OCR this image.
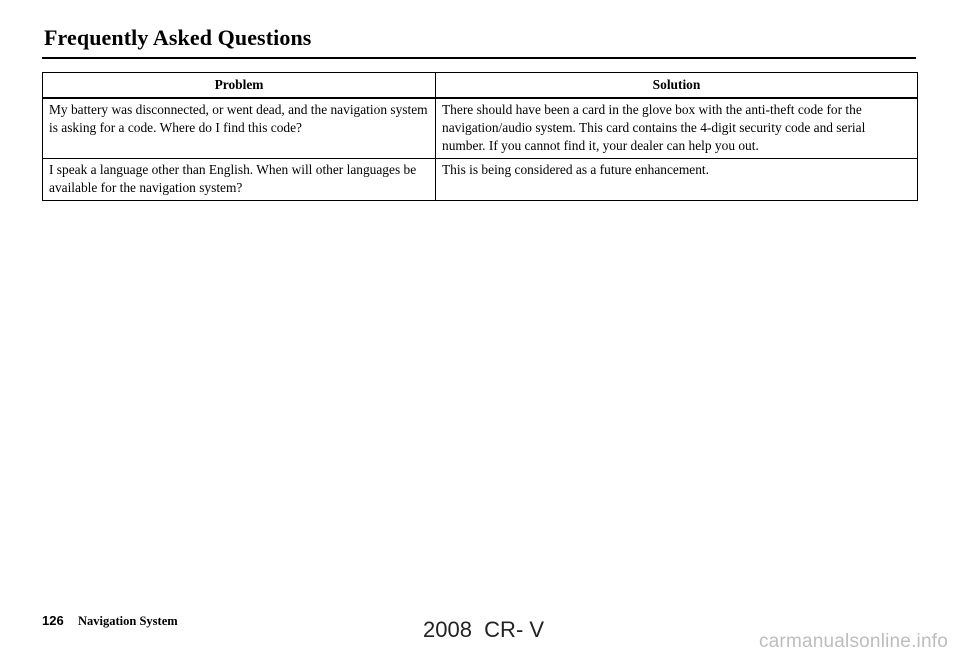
Frequently Asked Questions
Problem	Solution
My battery was disconnected, or went dead, and the navigation system is asking for a code. Where do I find this code?	There should have been a card in the glove box with the anti-theft code for the navigation/audio system. This card contains the 4-digit security code and serial number. If you cannot find it, your dealer can help you out.
I speak a language other than English. When will other languages be available for the navigation system?	This is being considered as a future enhancement.
126 Navigation System	2008  CR- V	carmanualsonline.info
